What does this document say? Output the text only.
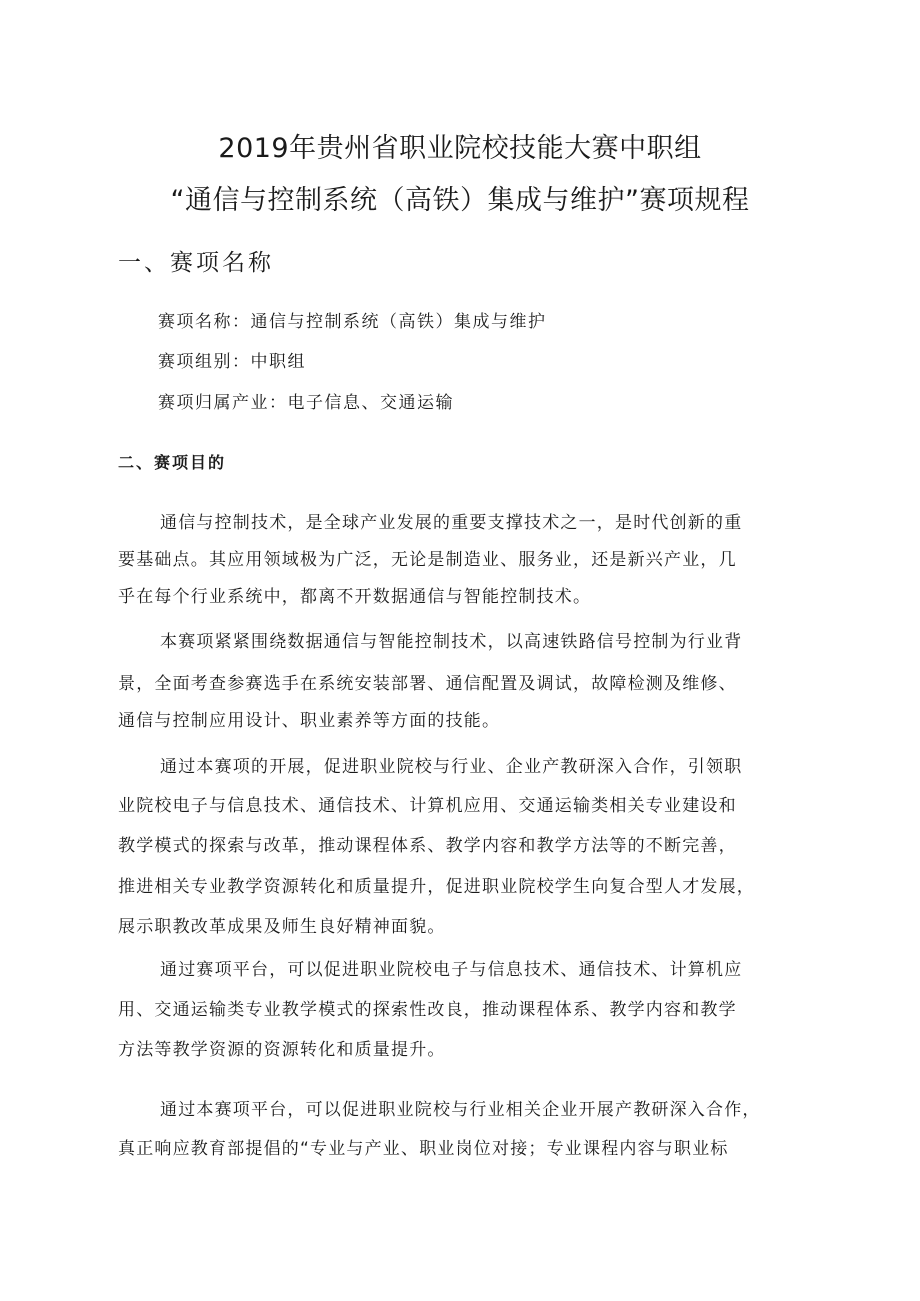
2019年贵州省职业院校技能大赛中职组
“通信与控制系统（高铁）集成与维护”赛项规程
一、赛项名称
赛项名称：通信与控制系统（高铁）集成与维护
赛项组别：中职组
赛项归属产业：电子信息、交通运输
二、赛项目的
通信与控制技术，是全球产业发展的重要支撑技术之一，是时代创新的重
要基础点。其应用领域极为广泛，无论是制造业、服务业，还是新兴产业，几
乎在每个行业系统中，都离不开数据通信与智能控制技术。
本赛项紧紧围绕数据通信与智能控制技术，以高速铁路信号控制为行业背
景，全面考查参赛选手在系统安装部署、通信配置及调试，故障检测及维修、
通信与控制应用设计、职业素养等方面的技能。
通过本赛项的开展，促进职业院校与行业、企业产教研深入合作，引领职
业院校电子与信息技术、通信技术、计算机应用、交通运输类相关专业建设和
教学模式的探索与改革，推动课程体系、教学内容和教学方法等的不断完善，
推进相关专业教学资源转化和质量提升，促进职业院校学生向复合型人才发展，
展示职教改革成果及师生良好精神面貌。
通过赛项平台，可以促进职业院校电子与信息技术、通信技术、计算机应
用、交通运输类专业教学模式的探索性改良，推动课程体系、教学内容和教学
方法等教学资源的资源转化和质量提升。
通过本赛项平台，可以促进职业院校与行业相关企业开展产教研深入合作，
真正响应教育部提倡的“专业与产业、职业岗位对接；专业课程内容与职业标
